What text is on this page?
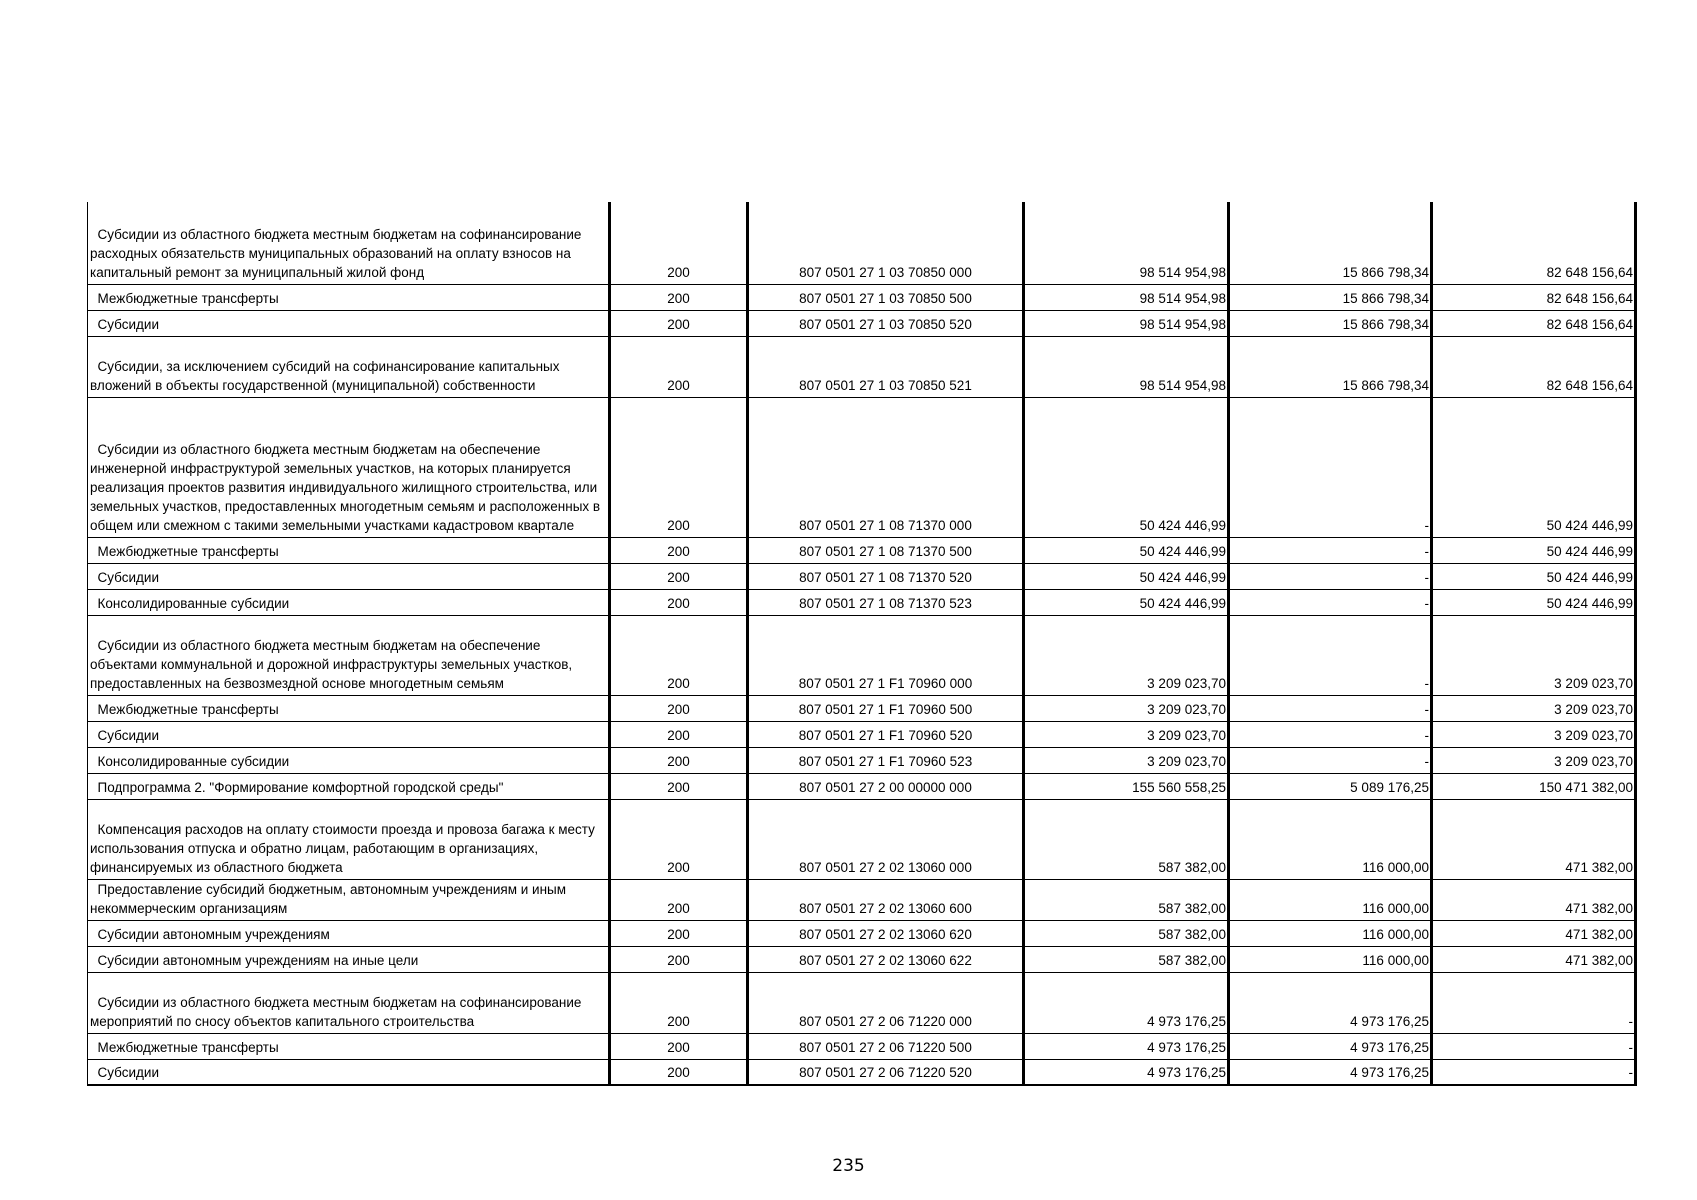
Субсидии из областного бюджета местным бюджетам на софинансирование расходных обязательств муниципальных образований на оплату взносов на капитальный ремонт за муниципальный жилой фонд	200	807 0501 27 1 03 70850 000	98 514 954,98	15 866 798,34	82 648 156,64
Межбюджетные трансферты	200	807 0501 27 1 03 70850 500	98 514 954,98	15 866 798,34	82 648 156,64
Субсидии	200	807 0501 27 1 03 70850 520	98 514 954,98	15 866 798,34	82 648 156,64
Субсидии, за исключением субсидий на софинансирование капитальных вложений в объекты государственной (муниципальной) собственности	200	807 0501 27 1 03 70850 521	98 514 954,98	15 866 798,34	82 648 156,64
Субсидии из областного бюджета местным бюджетам на обеспечение инженерной инфраструктурой земельных участков, на которых планируется реализация проектов развития индивидуального жилищного строительства, или земельных участков, предоставленных многодетным семьям и расположенных в общем или смежном с такими земельными участками кадастровом квартале	200	807 0501 27 1 08 71370 000	50 424 446,99	-	50 424 446,99
Межбюджетные трансферты	200	807 0501 27 1 08 71370 500	50 424 446,99	-	50 424 446,99
Субсидии	200	807 0501 27 1 08 71370 520	50 424 446,99	-	50 424 446,99
Консолидированные субсидии	200	807 0501 27 1 08 71370 523	50 424 446,99	-	50 424 446,99
Субсидии из областного бюджета местным бюджетам на обеспечение объектами коммунальной и дорожной инфраструктуры земельных участков, предоставленных на безвозмездной основе многодетным семьям	200	807 0501 27 1 F1 70960 000	3 209 023,70	-	3 209 023,70
Межбюджетные трансферты	200	807 0501 27 1 F1 70960 500	3 209 023,70	-	3 209 023,70
Субсидии	200	807 0501 27 1 F1 70960 520	3 209 023,70	-	3 209 023,70
Консолидированные субсидии	200	807 0501 27 1 F1 70960 523	3 209 023,70	-	3 209 023,70
Подпрограмма 2. "Формирование комфортной городской среды"	200	807 0501 27 2 00 00000 000	155 560 558,25	5 089 176,25	150 471 382,00
Компенсация расходов на оплату стоимости проезда и провоза багажа к месту использования отпуска и обратно лицам, работающим в организациях, финансируемых из областного бюджета	200	807 0501 27 2 02 13060 000	587 382,00	116 000,00	471 382,00
Предоставление субсидий бюджетным, автономным учреждениям и иным некоммерческим организациям	200	807 0501 27 2 02 13060 600	587 382,00	116 000,00	471 382,00
Субсидии автономным учреждениям	200	807 0501 27 2 02 13060 620	587 382,00	116 000,00	471 382,00
Субсидии автономным учреждениям на иные цели	200	807 0501 27 2 02 13060 622	587 382,00	116 000,00	471 382,00
Субсидии из областного бюджета местным бюджетам на софинансирование мероприятий по сносу объектов капитального строительства	200	807 0501 27 2 06 71220 000	4 973 176,25	4 973 176,25	-
Межбюджетные трансферты	200	807 0501 27 2 06 71220 500	4 973 176,25	4 973 176,25	-
Субсидии	200	807 0501 27 2 06 71220 520	4 973 176,25	4 973 176,25	-
235
